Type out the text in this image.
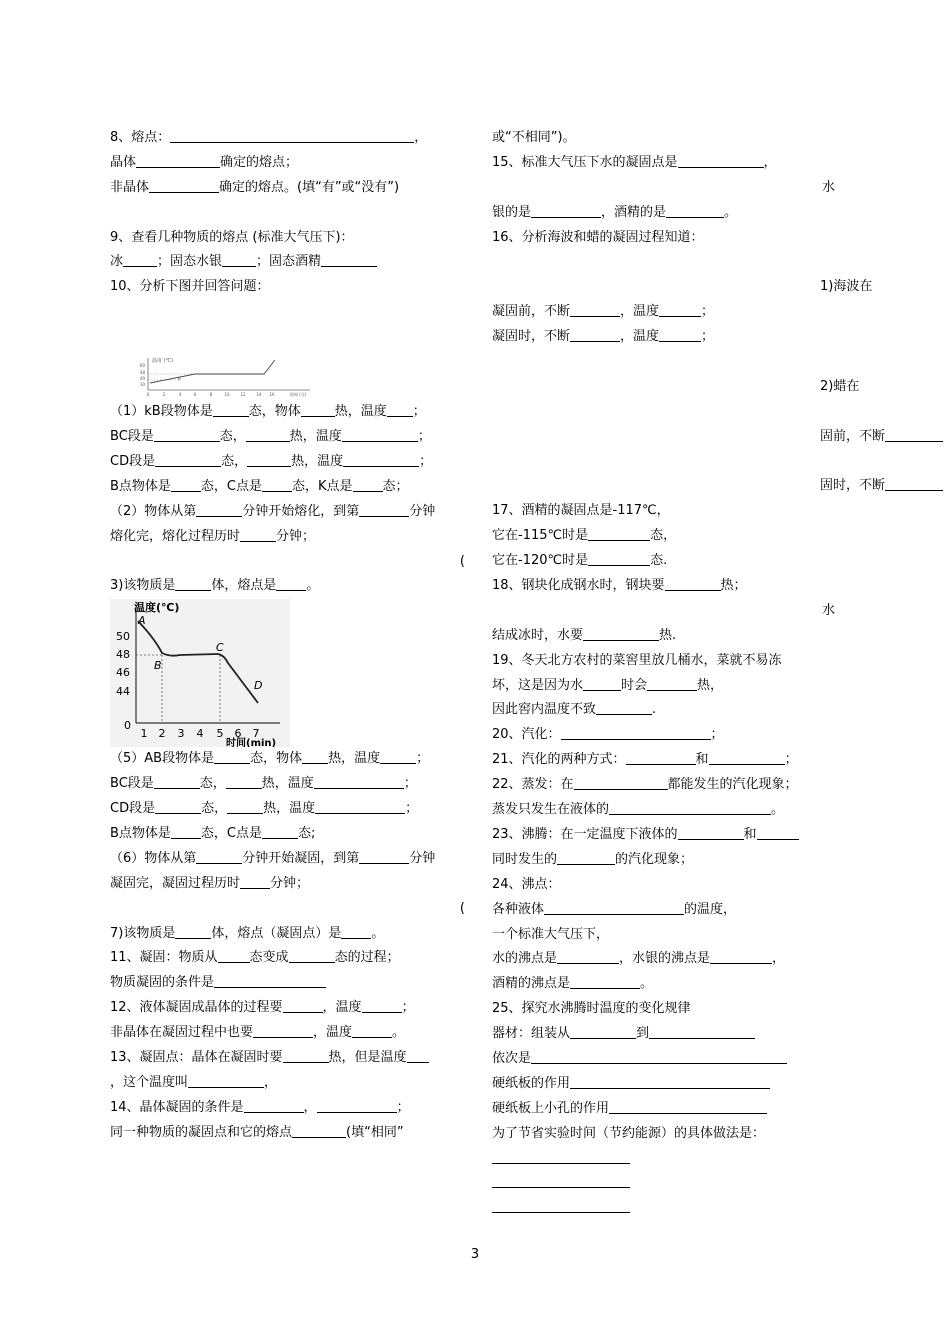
8、熔点：	，
晶体	确定的熔点；
非晶体	确定的熔点。(填“有”或“没有”)
9、查看几种物质的熔点 (标准大气压下)：
冰	；固态水银	；固态酒精
10、分析下图并回答问题：
温度 (℃)
60
48
40
30
B
0	2	4	6	8	10	12	14 16	时间 (分)
（1）kB段物体是	态，物体	热，温度 ；
BC段是	态，	热，温度	；
CD段是	态，	热，温度	；
B点物体是 态，C点是 态，K点是 态；
（2）物体从第	分钟开始熔化，到第	分钟
熔化完，熔化过程历时	分钟；
(
3)该物质是	体，熔点是 。
温度(℃)
50
48
46
44
A
B
C
D
0
1 2 3 4 5 6 7
时间(min)
（5）AB段物体是	态，物体 热，温度	；
BC段是	态，	热，温度	；
CD段是	态，	热，温度	；
B点物体是 态，C点是	态;
（6）物体从第	分钟开始凝固，到第	分钟
凝固完，凝固过程历时 分钟；
(
7)该物质是	体，熔点（凝固点）是 。
11、凝固：物质从 态变成	态的过程；
物质凝固的条件是
12、液体凝固成晶体的过程要	，温度	；
非晶体在凝固过程中也要	，温度	。
13、凝固点：晶体在凝固时要	热，但是温度
，这个温度叫	，
14、晶体凝固的条件是	，	；
同一种物质的凝固点和它的熔点	(填“相同”
或“不相同”)。
15、标准大气压下水的凝固点是	，
水
银的是	，酒精的是	。
16、分析海波和蜡的凝固过程知道：
1)海波在
凝固前，不断	，温度	；
凝固时，不断	，温度	；
2)蜡在
固前，不断
固时，不断
17、酒精的凝固点是-117℃，
它在-115℃时是	态，
它在-120℃时是	态.
18、钢块化成钢水时，钢块要	热；
水
结成冰时，水要	热.
19、冬天北方农村的菜窖里放几桶水，菜就不易冻
坏，这是因为水	时会	热，
因此窖内温度不致	.
20、汽化：	；
21、汽化的两种方式：	和	；
22、蒸发：在	都能发生的汽化现象；
蒸发只发生在液体的	。
23、沸腾：在一定温度下液体的	和
同时发生的	的汽化现象；
24、沸点：
各种液体	的温度，
一个标准大气压下，
水的沸点是	，水银的沸点是	，
酒精的沸点是	。
25、探究水沸腾时温度的变化规律
器材：组装从	到
依次是
硬纸板的作用
硬纸板上小孔的作用
为了节省实验时间（节约能源）的具体做法是：
3
